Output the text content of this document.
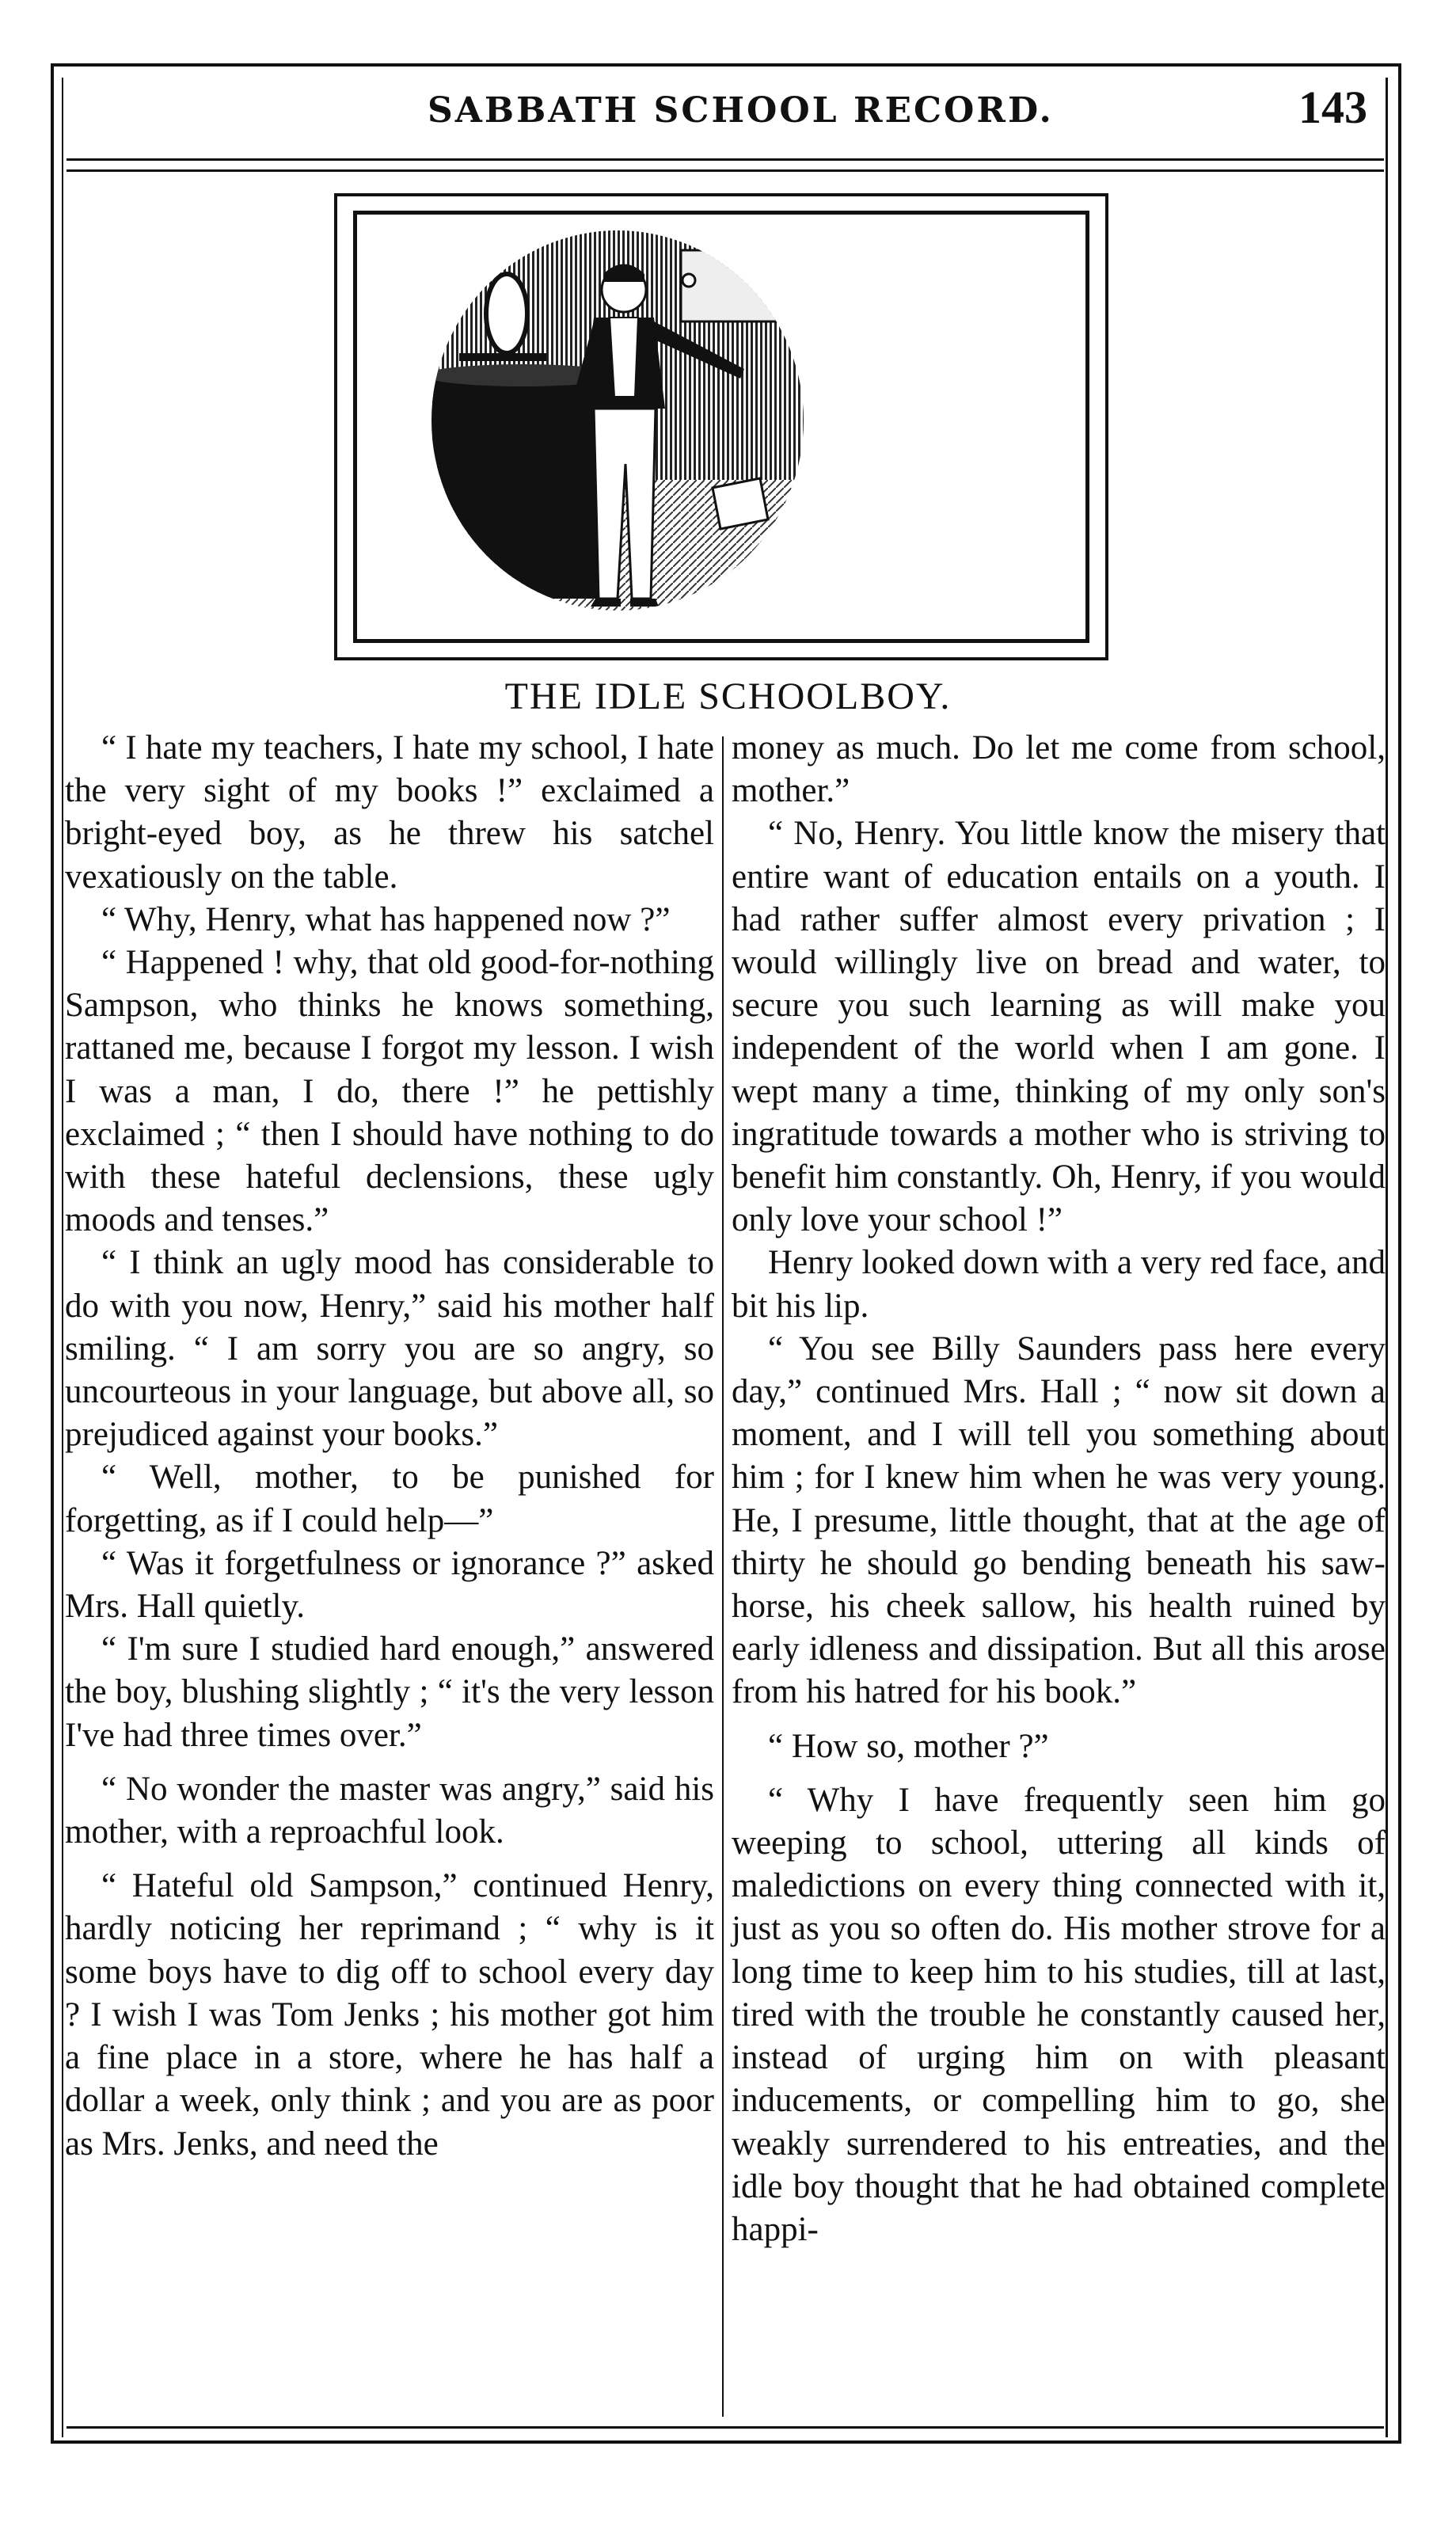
SABBATH SCHOOL RECORD.	143
THE IDLE SCHOOLBOY.

“ I hate my teachers, I hate my school, I hate the very sight of my books !” exclaimed a bright-eyed boy, as he threw his satchel vexatiously on the table.

“ Why, Henry, what has happened now ?”

“ Happened ! why, that old good-for-nothing Sampson, who thinks he knows something, rattaned me, because I forgot my lesson. I wish I was a man, I do, there !” he pettishly exclaimed ; “ then I should have nothing to do with these hateful declensions, these ugly moods and tenses.”

“ I think an ugly mood has considerable to do with you now, Henry,” said his mother half smiling. “ I am sorry you are so angry, so uncourteous in your language, but above all, so prejudiced against your books.”

“ Well, mother, to be punished for forgetting, as if I could help—”

“ Was it forgetfulness or ignorance ?” asked Mrs. Hall quietly.

“ I'm sure I studied hard enough,” answered the boy, blushing slightly ; “ it's the very lesson I've had three times over.”

“ No wonder the master was angry,” said his mother, with a reproachful look.

“ Hateful old Sampson,” continued Henry, hardly noticing her reprimand ; “ why is it some boys have to dig off to school every day ? I wish I was Tom Jenks ; his mother got him a fine place in a store, where he has half a dollar a week, only think ; and you are as poor as Mrs. Jenks, and need the

money as much. Do let me come from school, mother.”

“ No, Henry. You little know the misery that entire want of education entails on a youth. I had rather suffer almost every privation ; I would willingly live on bread and water, to secure you such learning as will make you independent of the world when I am gone. I wept many a time, thinking of my only son's ingratitude towards a mother who is striving to benefit him constantly. Oh, Henry, if you would only love your school !”

Henry looked down with a very red face, and bit his lip.

“ You see Billy Saunders pass here every day,” continued Mrs. Hall ; “ now sit down a moment, and I will tell you something about him ; for I knew him when he was very young. He, I presume, little thought, that at the age of thirty he should go bending beneath his saw-horse, his cheek sallow, his health ruined by early idleness and dissipation. But all this arose from his hatred for his book.”

“ How so, mother ?”

“ Why I have frequently seen him go weeping to school, uttering all kinds of maledictions on every thing connected with it, just as you so often do. His mother strove for a long time to keep him to his studies, till at last, tired with the trouble he constantly caused her, instead of urging him on with pleasant inducements, or compelling him to go, she weakly surrendered to his entreaties, and the idle boy thought that he had obtained complete happi-
